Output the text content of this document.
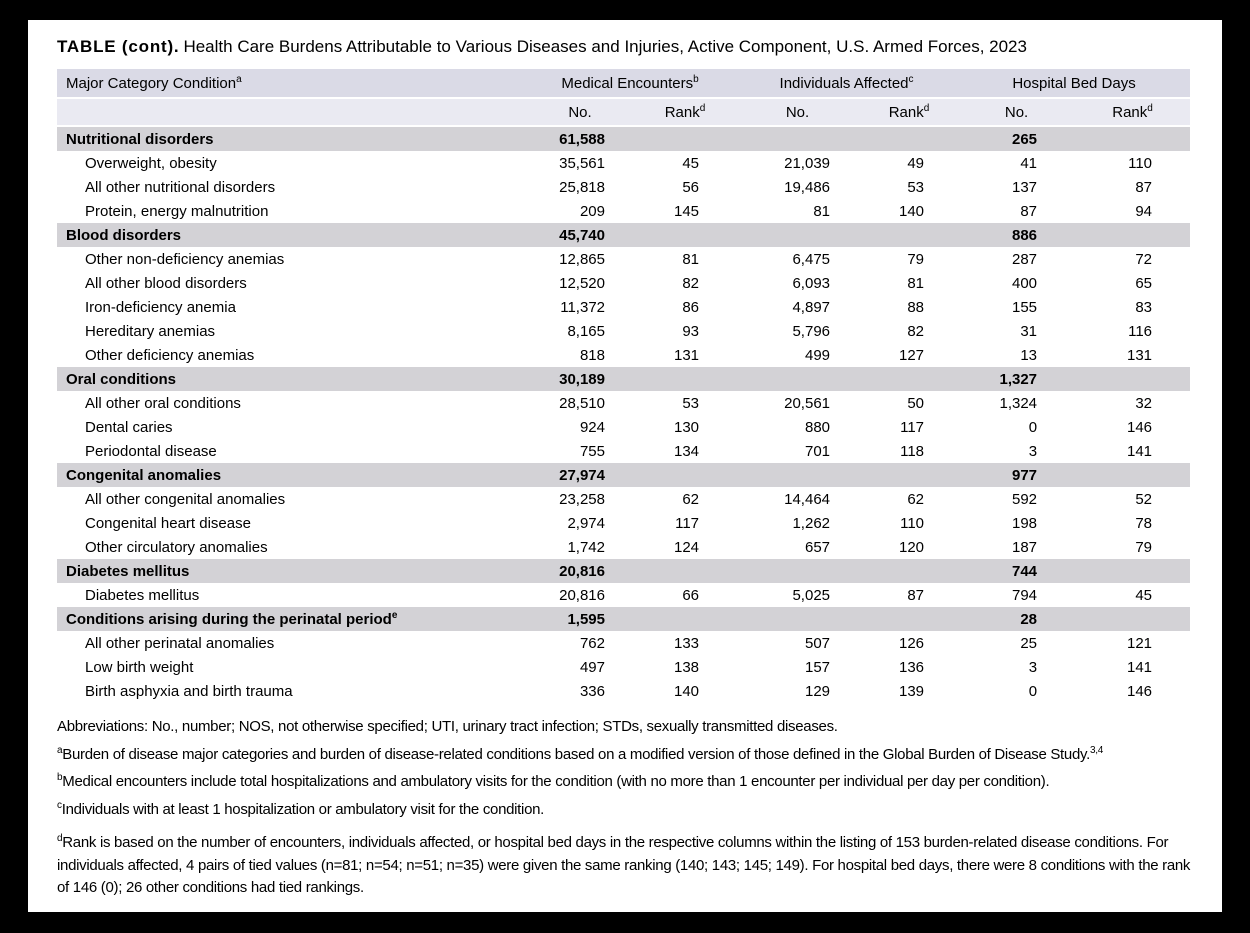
TABLE (cont). Health Care Burdens Attributable to Various Diseases and Injuries, Active Component, U.S. Armed Forces, 2023
Major Category Condition$^a$	Medical Encounters$^b$		Individuals Affected$^c$		Hospital Bed Days	
	No.	Rank$^d$	No.	Rank$^d$	No.	Rank$^d$
Nutritional disorders	61,588				265	
Overweight, obesity	35,561	45	21,039	49	41	110
All other nutritional disorders	25,818	56	19,486	53	137	87
Protein, energy malnutrition	209	145	81	140	87	94
Blood disorders	45,740				886	
Other non-deficiency anemias	12,865	81	6,475	79	287	72
All other blood disorders	12,520	82	6,093	81	400	65
Iron-deficiency anemia	11,372	86	4,897	88	155	83
Hereditary anemias	8,165	93	5,796	82	31	116
Other deficiency anemias	818	131	499	127	13	131
Oral conditions	30,189				1,327	
All other oral conditions	28,510	53	20,561	50	1,324	32
Dental caries	924	130	880	117	0	146
Periodontal disease	755	134	701	118	3	141
Congenital anomalies	27,974				977	
All other congenital anomalies	23,258	62	14,464	62	592	52
Congenital heart disease	2,974	117	1,262	110	198	78
Other circulatory anomalies	1,742	124	657	120	187	79
Diabetes mellitus	20,816				744	
Diabetes mellitus	20,816	66	5,025	87	794	45
Conditions arising during the perinatal period$^e$	1,595				28	
All other perinatal anomalies	762	133	507	126	25	121
Low birth weight	497	138	157	136	3	141
Birth asphyxia and birth trauma	336	140	129	139	0	146
Abbreviations: No., number; NOS, not otherwise specified; UTI, urinary tract infection; STDs, sexually transmitted diseases.
$^a$Burden of disease major categories and burden of disease-related conditions based on a modified version of those defined in the Global Burden of Disease Study.$^{3,4}$
$^b$Medical encounters include total hospitalizations and ambulatory visits for the condition (with no more than 1 encounter per individual per day per condition).
$^c$Individuals with at least 1 hospitalization or ambulatory visit for the condition.
$^d$Rank is based on the number of encounters, individuals affected, or hospital bed days in the respective columns within the listing of 153 burden-related disease conditions. For individuals affected, 4 pairs of tied values (n=81; n=54; n=51; n=35) were given the same ranking (140; 143; 145; 149). For hospital bed days, there were 8 conditions with the rank of 146 (0); 26 other conditions had tied rankings.
$^e$Conditions affecting newborns erroneously coded on service member medical records.
